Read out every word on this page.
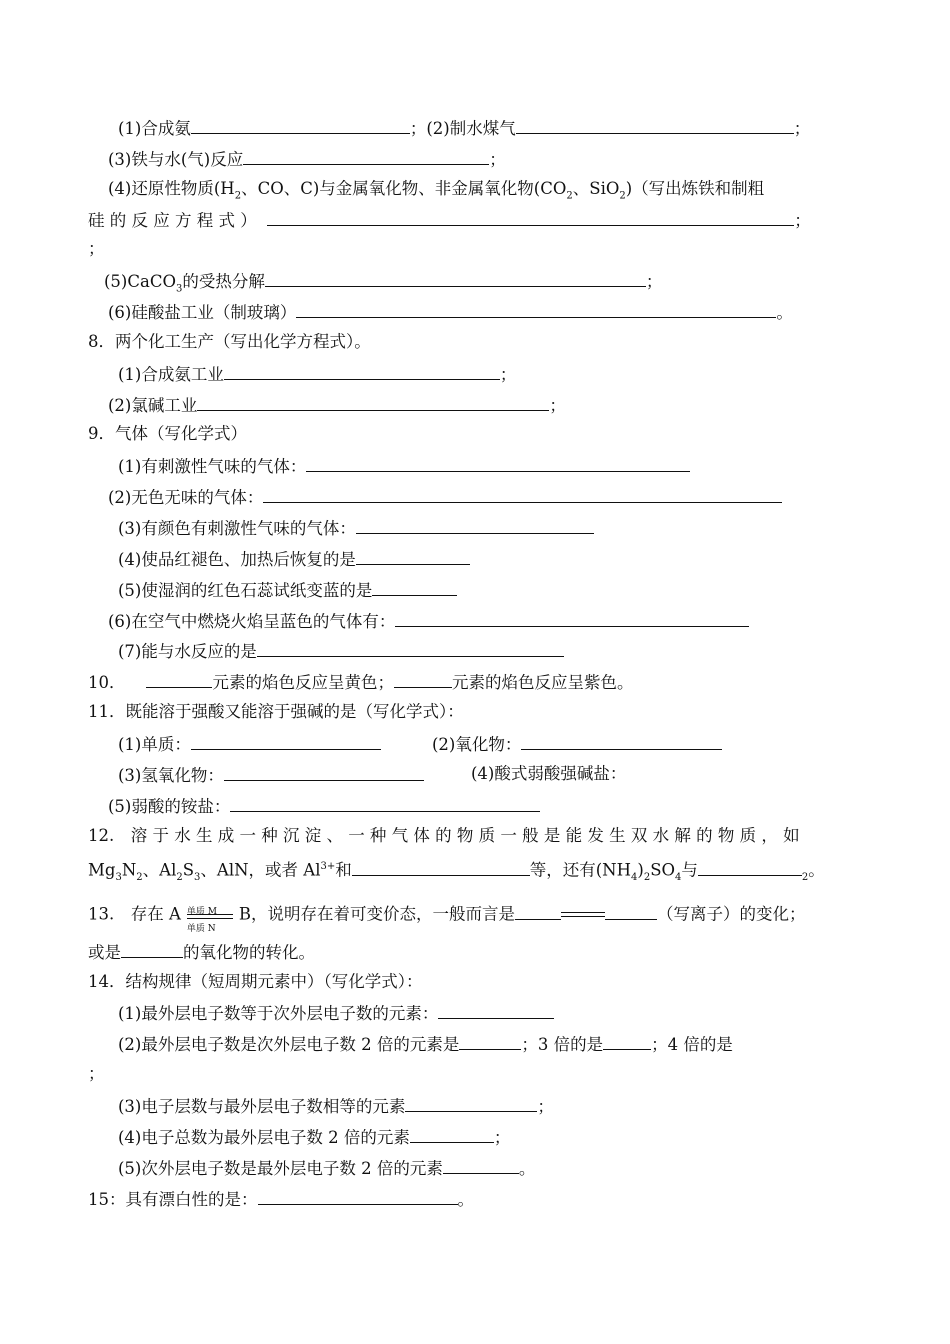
(1)合成氨	；(2)制水煤气	；
(3)铁与水(气)反应	；
(4)还原性物质($H_2$、CO、C)与金属氧化物、非金属氧化物($CO_2$、SiO$_2$)（写出炼铁和制粗
硅 的 反 应 方 程 式 ）	；
；
(5)CaCO$_3$的受热分解	；
(6)硅酸盐工业（制玻璃）	。
8．两个化工生产（写出化学方程式）。
(1)合成氨工业	；
(2)氯碱工业	；
9．气体（写化学式）
(1)有刺激性气味的气体：
(2)无色无味的气体：
(3)有颜色有刺激性气味的气体：
(4)使品红褪色、加热后恢复的是
(5)使湿润的红色石蕊试纸变蓝的是
(6)在空气中燃烧火焰呈蓝色的气体有：
(7)能与水反应的是
10．	元素的焰色反应呈黄色；	元素的焰色反应呈紫色。
11．既能溶于强酸又能溶于强碱的是（写化学式）：
(1)单质：	(2)氧化物：
(3)氢氧化物：	(4)酸式弱酸强碱盐：
(5)弱酸的铵盐：
12.　溶 于 水 生 成 一 种 沉 淀 、 一 种 气 体 的 物 质 一 般 是 能 发 生 双 水 解 的 物 质 ， 如
$Mg_3N_2$、$Al_2S_3$、AlN，或者 $Al^{3+}$和	等，还有$(NH_4)_2SO_4$与	$_2$。
13.　存在 A 单质 M
单质 N
B，说明存在着可变价态，一般而言是	（写离子）的变化；
或是	的氧化物的转化。
14．结构规律（短周期元素中）（写化学式）：
(1)最外层电子数等于次外层电子数的元素：
(2)最外层电子数是次外层电子数 2 倍的元素是	；3 倍的是	；4 倍的是
；
(3)电子层数与最外层电子数相等的元素	；
(4)电子总数为最外层电子数 2 倍的元素	；
(5)次外层电子数是最外层电子数 2 倍的元素	。
15：具有漂白性的是：	。
